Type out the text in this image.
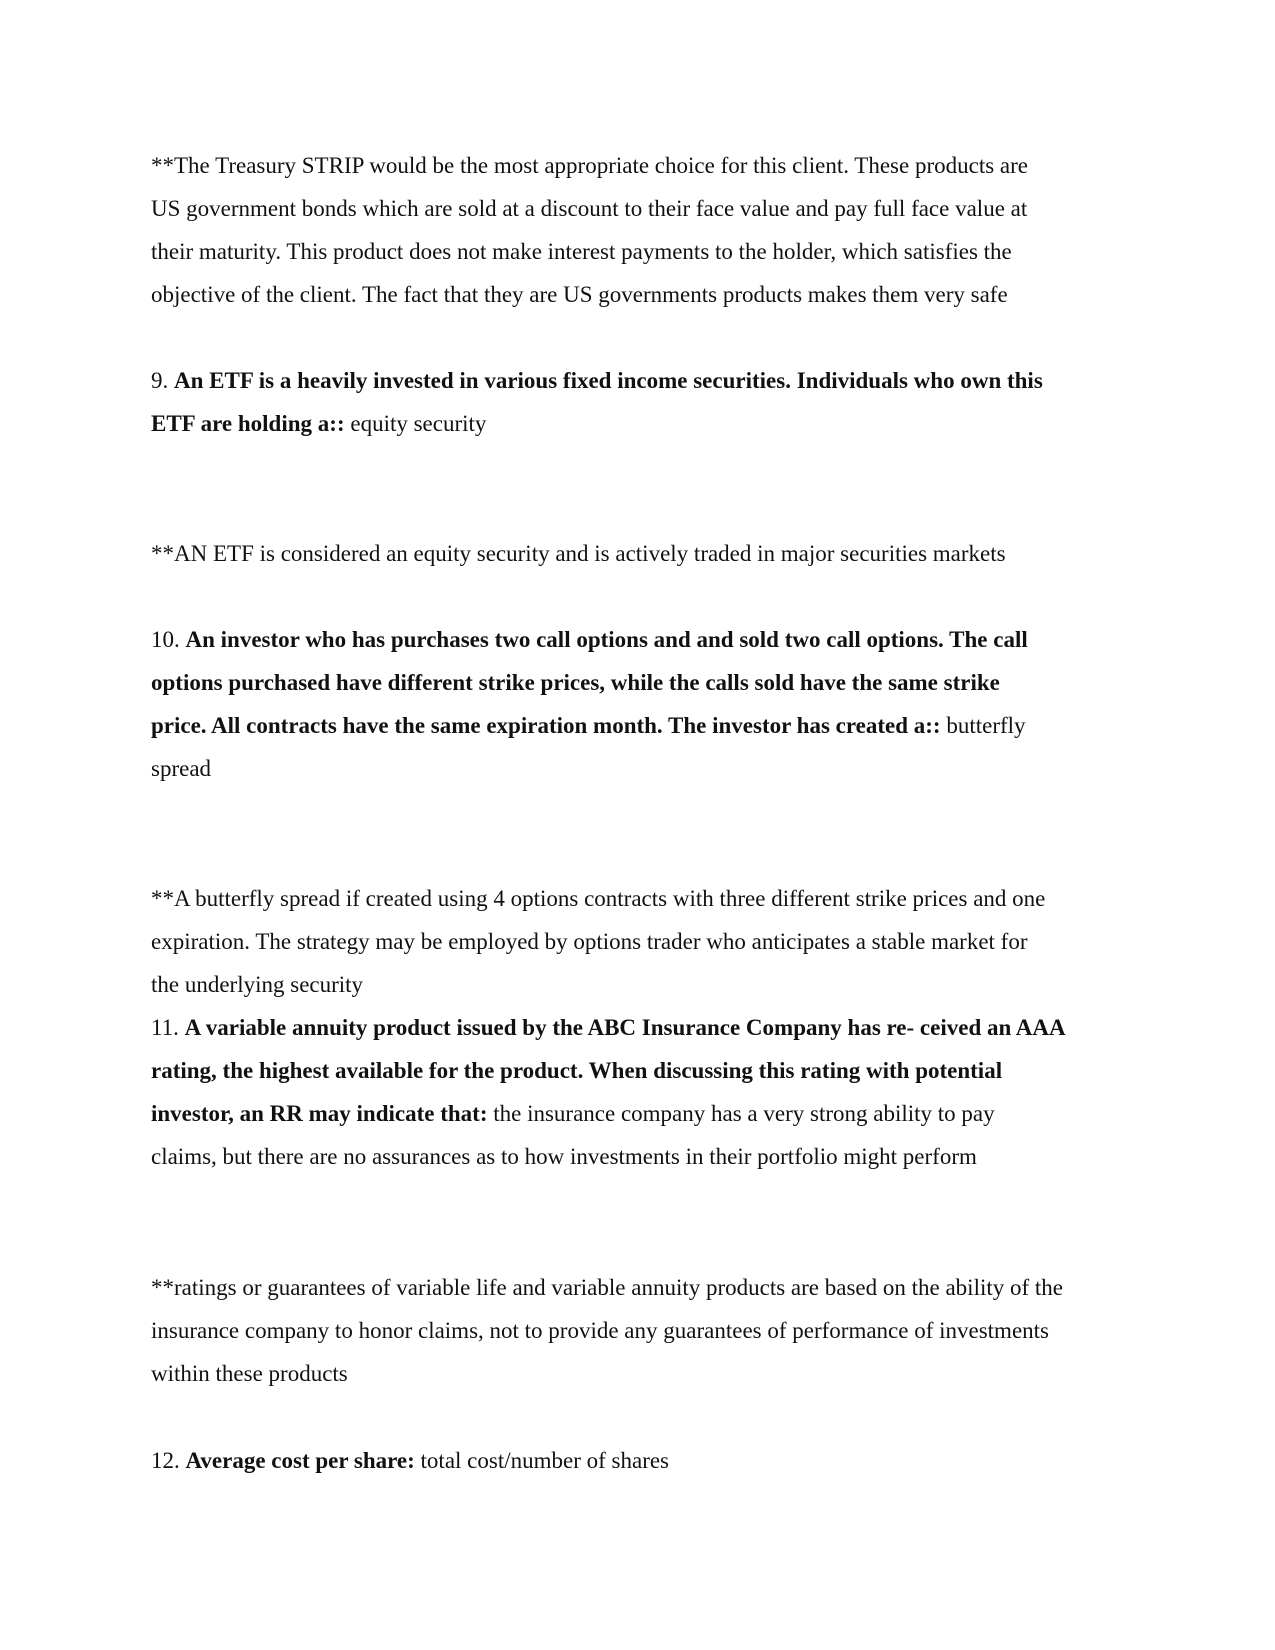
**The Treasury STRIP would be the most appropriate choice for this client. These products are

US government bonds which are sold at a discount to their face value and pay full face value at

their maturity. This product does not make interest payments to the holder, which satisfies the

objective of the client. The fact that they are US governments products makes them very safe

9. An ETF is a heavily invested in various fixed income securities. Individuals who own this

ETF are holding a:: equity security

**AN ETF is considered an equity security and is actively traded in major securities markets

10. An investor who has purchases two call options and and sold two call options. The call

options purchased have different strike prices, while the calls sold have the same strike

price. All contracts have the same expiration month. The investor has created a:: butterfly

spread

**A butterfly spread if created using 4 options contracts with three different strike prices and one

expiration. The strategy may be employed by options trader who anticipates a stable market for

the underlying security

11. A variable annuity product issued by the ABC Insurance Company has re- ceived an AAA

rating, the highest available for the product. When discussing this rating with potential

investor, an RR may indicate that: the insurance company has a very strong ability to pay

claims, but there are no assurances as to how investments in their portfolio might perform

**ratings or guarantees of variable life and variable annuity products are based on the ability of the

insurance company to honor claims, not to provide any guarantees of performance of investments

within these products

12. Average cost per share: total cost/number of shares
